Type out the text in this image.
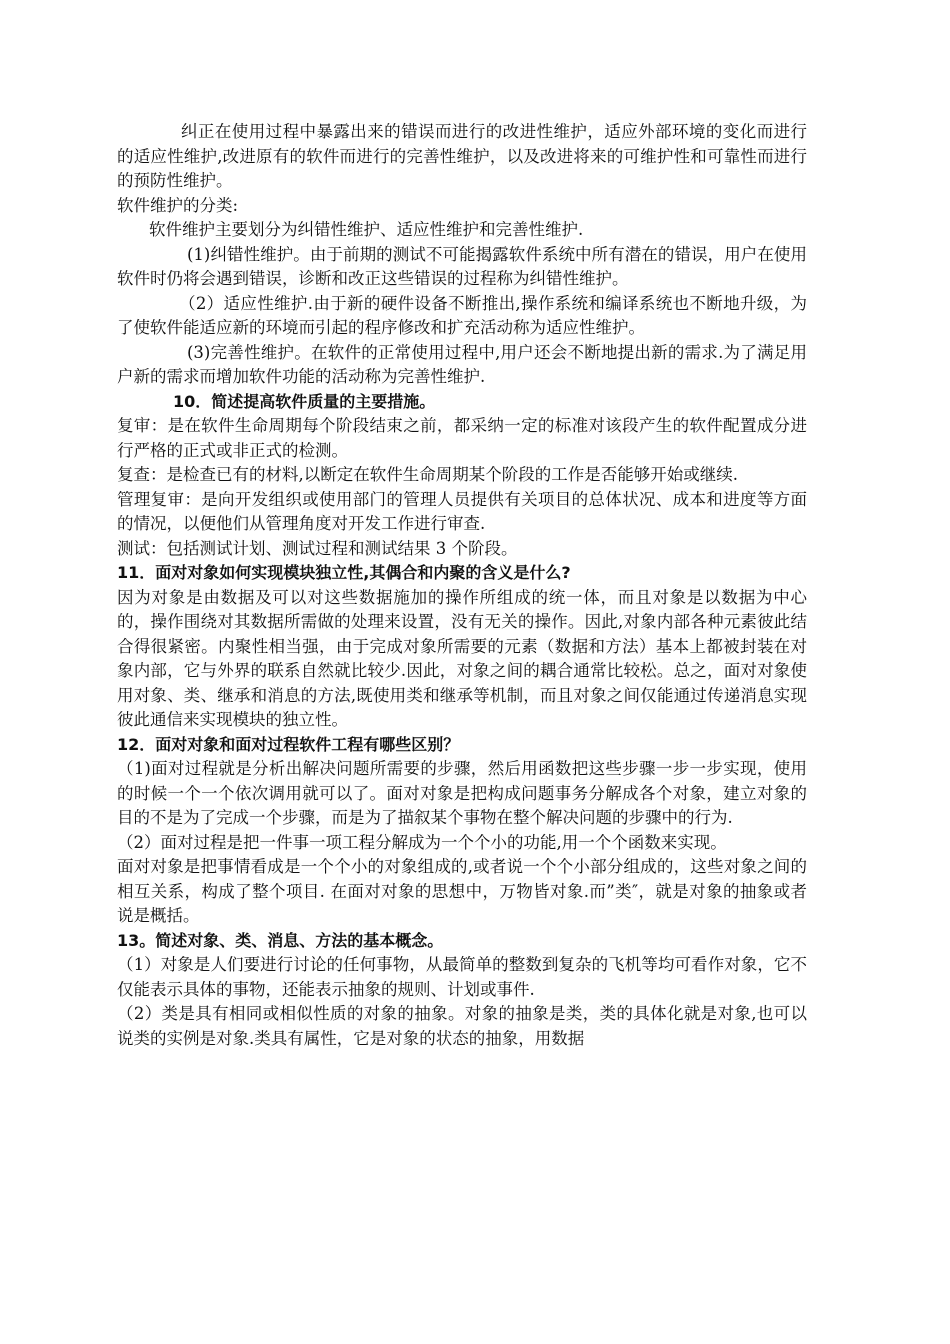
纠正在使用过程中暴露出来的错误而进行的改进性维护，适应外部环境的变化而进行的适应性维护,改进原有的软件而进行的完善性维护，以及改进将来的可维护性和可靠性而进行的预防性维护。

软件维护的分类:

软件维护主要划分为纠错性维护、适应性维护和完善性维护.

(1)纠错性维护。由于前期的测试不可能揭露软件系统中所有潜在的错误，用户在使用软件时仍将会遇到错误，诊断和改正这些错误的过程称为纠错性维护。

（2）适应性维护.由于新的硬件设备不断推出,操作系统和编译系统也不断地升级，为了使软件能适应新的环境而引起的程序修改和扩充活动称为适应性维护。

(3)完善性维护。在软件的正常使用过程中,用户还会不断地提出新的需求.为了满足用户新的需求而增加软件功能的活动称为完善性维护.

10．简述提高软件质量的主要措施。

复审：是在软件生命周期每个阶段结束之前，都采纳一定的标准对该段产生的软件配置成分进行严格的正式或非正式的检测。

复查：是检查已有的材料,以断定在软件生命周期某个阶段的工作是否能够开始或继续.

管理复审：是向开发组织或使用部门的管理人员提供有关项目的总体状况、成本和进度等方面的情况，以便他们从管理角度对开发工作进行审查.

测试：包括测试计划、测试过程和测试结果 3 个阶段。

11．面对对象如何实现模块独立性,其偶合和内聚的含义是什么?

因为对象是由数据及可以对这些数据施加的操作所组成的统一体，而且对象是以数据为中心的，操作围绕对其数据所需做的处理来设置，没有无关的操作。因此,对象内部各种元素彼此结合得很紧密。内聚性相当强，由于完成对象所需要的元素（数据和方法）基本上都被封装在对象内部，它与外界的联系自然就比较少.因此，对象之间的耦合通常比较松。总之，面对对象使用对象、类、继承和消息的方法,既使用类和继承等机制，而且对象之间仅能通过传递消息实现彼此通信来实现模块的独立性。

12．面对对象和面对过程软件工程有哪些区别？

（1)面对过程就是分析出解决问题所需要的步骤，然后用函数把这些步骤一步一步实现，使用的时候一个一个依次调用就可以了。面对对象是把构成问题事务分解成各个对象，建立对象的目的不是为了完成一个步骤，而是为了描叙某个事物在整个解决问题的步骤中的行为.

（2）面对过程是把一件事一项工程分解成为一个个小的功能,用一个个函数来实现。

面对对象是把事情看成是一个个小的对象组成的,或者说一个个小部分组成的，这些对象之间的相互关系，构成了整个项目. 在面对对象的思想中，万物皆对象.而”类″，就是对象的抽象或者说是概括。

13。简述对象、类、消息、方法的基本概念。

（1）对象是人们要进行讨论的任何事物，从最简单的整数到复杂的飞机等均可看作对象，它不仅能表示具体的事物，还能表示抽象的规则、计划或事件.

（2）类是具有相同或相似性质的对象的抽象。对象的抽象是类，类的具体化就是对象,也可以说类的实例是对象.类具有属性，它是对象的状态的抽象，用数据
